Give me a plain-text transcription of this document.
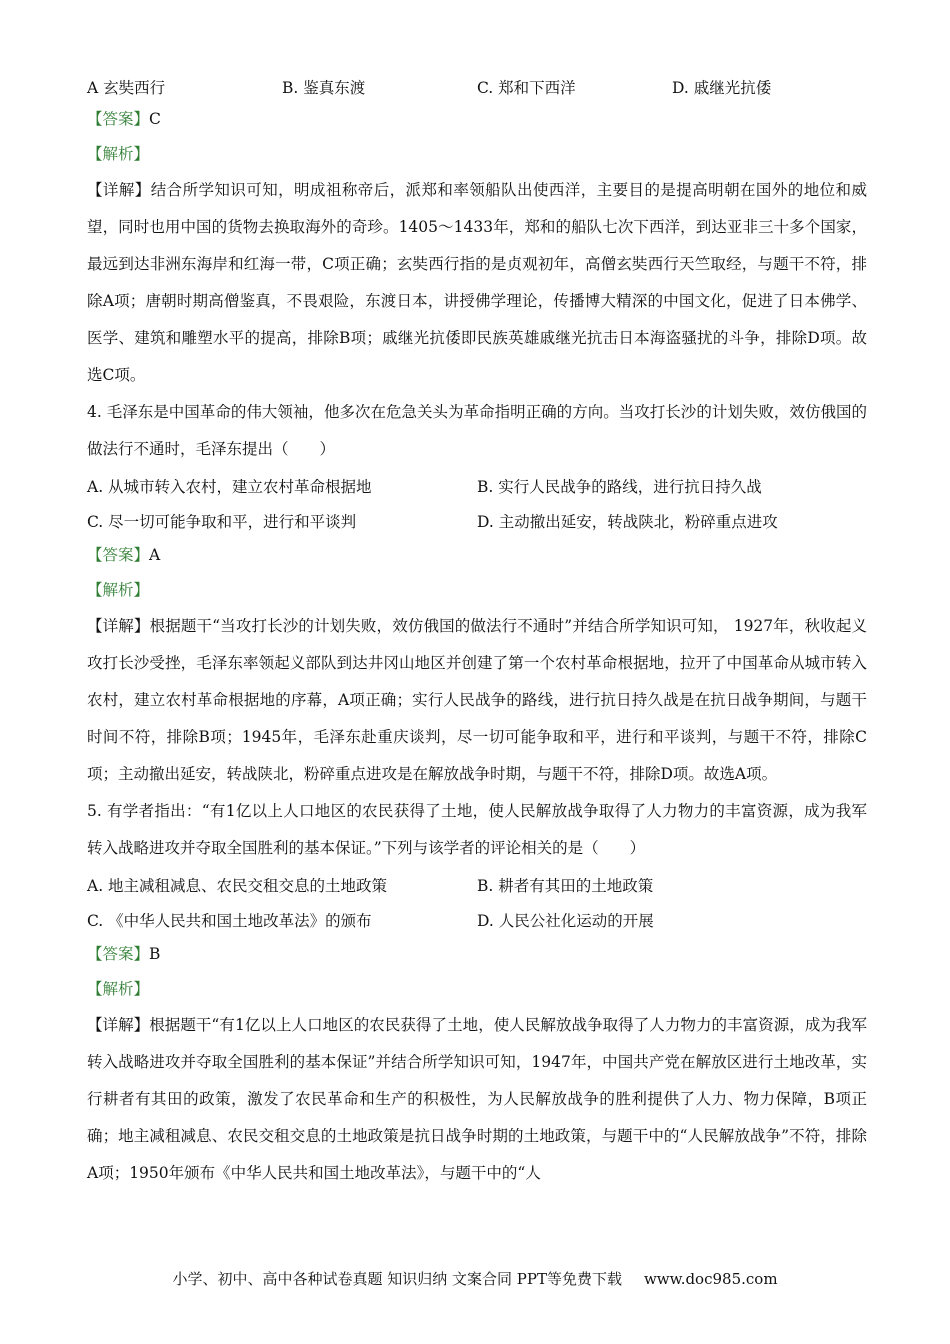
A 玄奘西行	B. 鉴真东渡	C. 郑和下西洋	D. 戚继光抗倭
【答案】C
【解析】
【详解】结合所学知识可知，明成祖称帝后，派郑和率领船队出使西洋，主要目的是提高明朝在国外的地位和威望，同时也用中国的货物去换取海外的奇珍。1405～1433年，郑和的船队七次下西洋，到达亚非三十多个国家，最远到达非洲东海岸和红海一带，C项正确；玄奘西行指的是贞观初年，高僧玄奘西行天竺取经，与题干不符，排除A项；唐朝时期高僧鉴真，不畏艰险，东渡日本，讲授佛学理论，传播博大精深的中国文化，促进了日本佛学、医学、建筑和雕塑水平的提高，排除B项；戚继光抗倭即民族英雄戚继光抗击日本海盗骚扰的斗争，排除D项。故选C项。
4. 毛泽东是中国革命的伟大领袖，他多次在危急关头为革命指明正确的方向。当攻打长沙的计划失败，效仿俄国的做法行不通时，毛泽东提出（　　）
A. 从城市转入农村，建立农村革命根据地	B. 实行人民战争的路线，进行抗日持久战
C. 尽一切可能争取和平，进行和平谈判	D. 主动撤出延安，转战陕北，粉碎重点进攻
【答案】A
【解析】
【详解】根据题干“当攻打长沙的计划失败，效仿俄国的做法行不通时”并结合所学知识可知， 1927年，秋收起义攻打长沙受挫，毛泽东率领起义部队到达井冈山地区并创建了第一个农村革命根据地，拉开了中国革命从城市转入农村，建立农村革命根据地的序幕，A项正确；实行人民战争的路线，进行抗日持久战是在抗日战争期间，与题干时间不符，排除B项；1945年，毛泽东赴重庆谈判，尽一切可能争取和平，进行和平谈判，与题干不符，排除C项；主动撤出延安，转战陕北，粉碎重点进攻是在解放战争时期，与题干不符，排除D项。故选A项。
5. 有学者指出：“有1亿以上人口地区的农民获得了土地，使人民解放战争取得了人力物力的丰富资源，成为我军转入战略进攻并夺取全国胜利的基本保证。”下列与该学者的评论相关的是（　　）
A. 地主减租减息、农民交租交息的土地政策	B. 耕者有其田的土地政策
C. 《中华人民共和国土地改革法》的颁布	D. 人民公社化运动的开展
【答案】B
【解析】
【详解】根据题干“有1亿以上人口地区的农民获得了土地，使人民解放战争取得了人力物力的丰富资源，成为我军转入战略进攻并夺取全国胜利的基本保证”并结合所学知识可知，1947年，中国共产党在解放区进行土地改革，实行耕者有其田的政策，激发了农民革命和生产的积极性，为人民解放战争的胜利提供了人力、物力保障，B项正确；地主减租减息、农民交租交息的土地政策是抗日战争时期的土地政策，与题干中的“人民解放战争”不符，排除A项；1950年颁布《中华人民共和国土地改革法》，与题干中的“人
小学、初中、高中各种试卷真题 知识归纳 文案合同 PPT等免费下载 www.doc985.com
